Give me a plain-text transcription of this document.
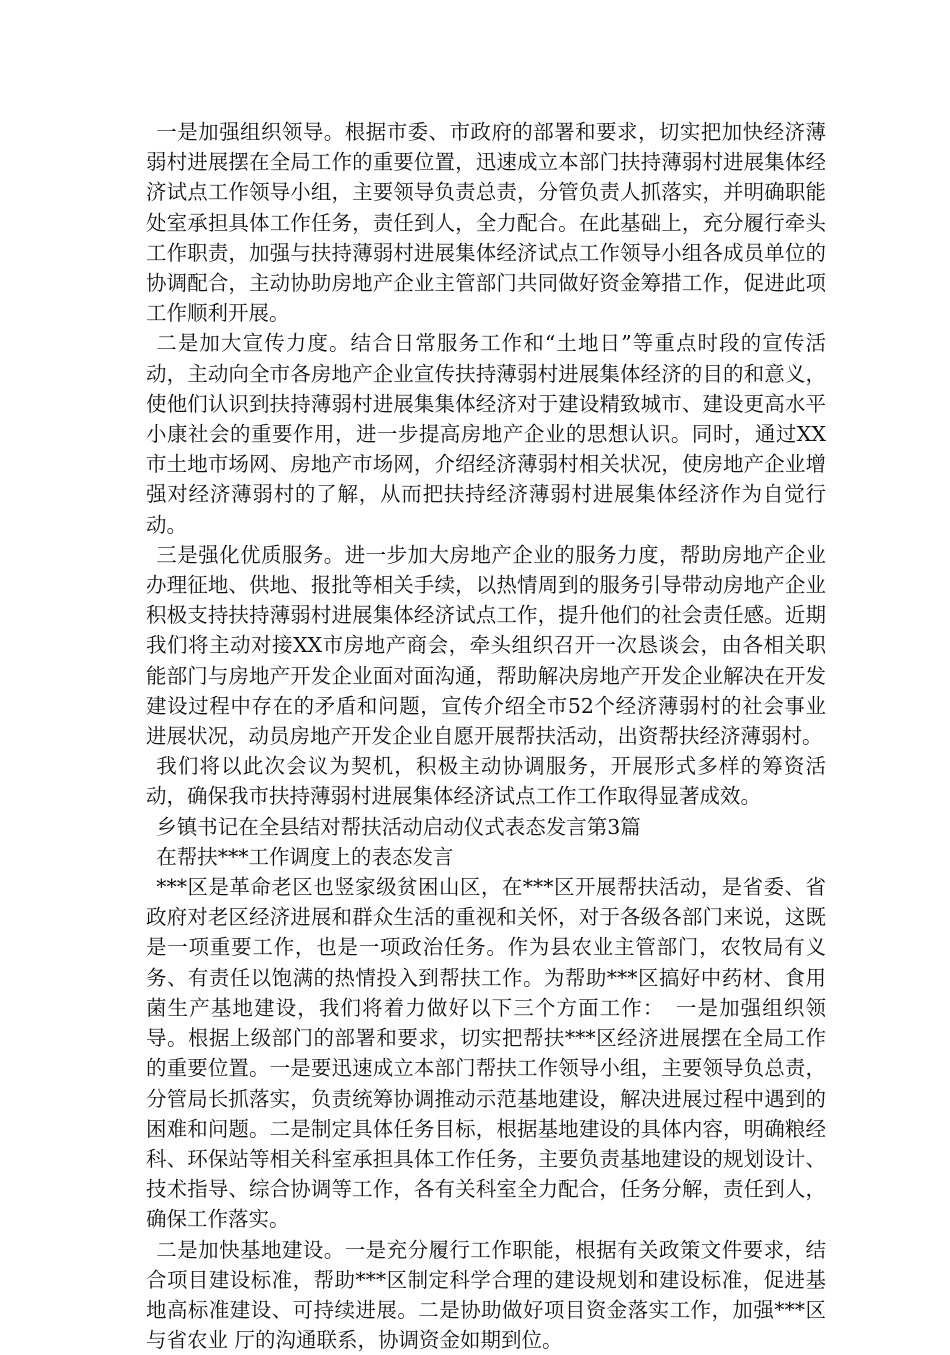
一是加强组织领导。根据市委、市政府的部署和要求，切实把加快经济薄弱村进展摆在全局工作的重要位置，迅速成立本部门扶持薄弱村进展集体经济试点工作领导小组，主要领导负责总责，分管负责人抓落实，并明确职能处室承担具体工作任务，责任到人，全力配合。在此基础上，充分履行牵头工作职责，加强与扶持薄弱村进展集体经济试点工作领导小组各成员单位的协调配合，主动协助房地产企业主管部门共同做好资金筹措工作，促进此项工作顺利开展。

二是加大宣传力度。结合日常服务工作和“土地日”等重点时段的宣传活动，主动向全市各房地产企业宣传扶持薄弱村进展集体经济的目的和意义，使他们认识到扶持薄弱村进展集集体经济对于建设精致城市、建设更高水平小康社会的重要作用，进一步提高房地产企业的思想认识。同时，通过XX市土地市场网、房地产市场网，介绍经济薄弱村相关状况，使房地产企业增强对经济薄弱村的了解，从而把扶持经济薄弱村进展集体经济作为自觉行动。

三是强化优质服务。进一步加大房地产企业的服务力度，帮助房地产企业办理征地、供地、报批等相关手续，以热情周到的服务引导带动房地产企业积极支持扶持薄弱村进展集体经济试点工作，提升他们的社会责任感。近期我们将主动对接XX市房地产商会，牵头组织召开一次恳谈会，由各相关职能部门与房地产开发企业面对面沟通，帮助解决房地产开发企业解决在开发建设过程中存在的矛盾和问题，宣传介绍全市52个经济薄弱村的社会事业进展状况，动员房地产开发企业自愿开展帮扶活动，出资帮扶经济薄弱村。

我们将以此次会议为契机，积极主动协调服务，开展形式多样的筹资活动，确保我市扶持薄弱村进展集体经济试点工作工作取得显著成效。

乡镇书记在全县结对帮扶活动启动仪式表态发言第3篇

在帮扶***工作调度上的表态发言

***区是革命老区也竖家级贫困山区，在***区开展帮扶活动，是省委、省政府对老区经济进展和群众生活的重视和关怀，对于各级各部门来说，这既是一项重要工作，也是一项政治任务。作为县农业主管部门，农牧局有义务、有责任以饱满的热情投入到帮扶工作。为帮助***区搞好中药材、食用菌生产基地建设，我们将着力做好以下三个方面工作：　一是加强组织领导。根据上级部门的部署和要求，切实把帮扶***区经济进展摆在全局工作的重要位置。一是要迅速成立本部门帮扶工作领导小组，主要领导负总责，分管局长抓落实，负责统筹协调推动示范基地建设，解决进展过程中遇到的困难和问题。二是制定具体任务目标，根据基地建设的具体内容，明确粮经科、环保站等相关科室承担具体工作任务，主要负责基地建设的规划设计、技术指导、综合协调等工作，各有关科室全力配合，任务分解，责任到人，确保工作落实。

二是加快基地建设。一是充分履行工作职能，根据有关政策文件要求，结合项目建设标准，帮助***区制定科学合理的建设规划和建设标准，促进基地高标准建设、可持续进展。二是协助做好项目资金落实工作，加强***区与省农业 厅的沟通联系，协调资金如期到位。
